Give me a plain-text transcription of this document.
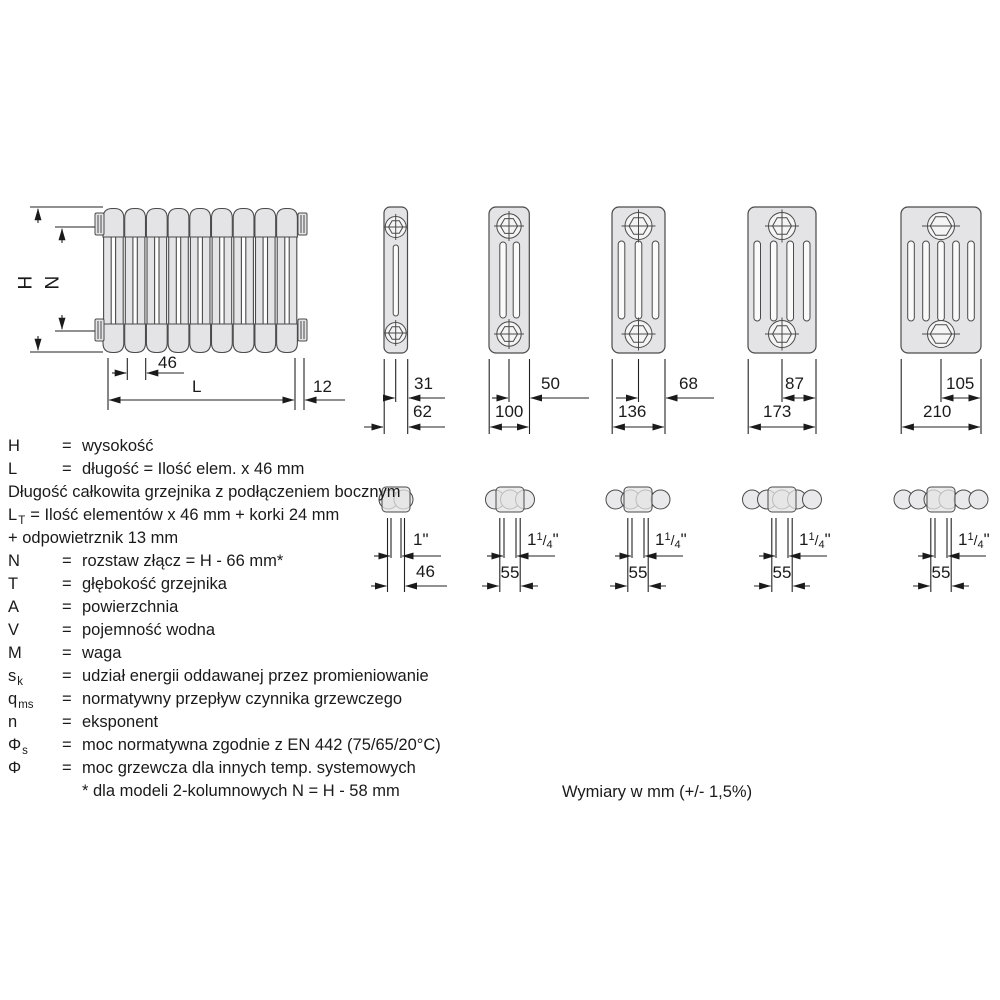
H N
46
L	12	31
62
50
100
68
136
87
173
105
210
1"	$1^1/4$"	$1^1/4$"	$1^1/4$"	$1^1/4$"
46	55	55	55	55
H	= wysokość
L	= długość = Ilość elem. x 46 mm
Długość całkowita grzejnika z podłączeniem bocznym
L T = Ilość elementów x 46 mm + korki 24 mm
+ odpowietrznik 13 mm
N	= rozstaw złącz = H - 66 mm*
T	= głębokość grzejnika
A	= powierzchnia
V	= pojemność wodna
M	= waga
$s_k$	= udział energii oddawanej przez promieniowanie
$q_{ms}$	= normatywny przepływ czynnika grzewczego
n	= eksponent
$\Phi_s$	= moc normatywna zgodnie z EN 442 (75/65/20°C)
Φ	= moc grzewcza dla innych temp. systemowych
* dla modeli 2-kolumnowych N = H - 58 mm	Wymiary w mm (+/- 1,5%)
